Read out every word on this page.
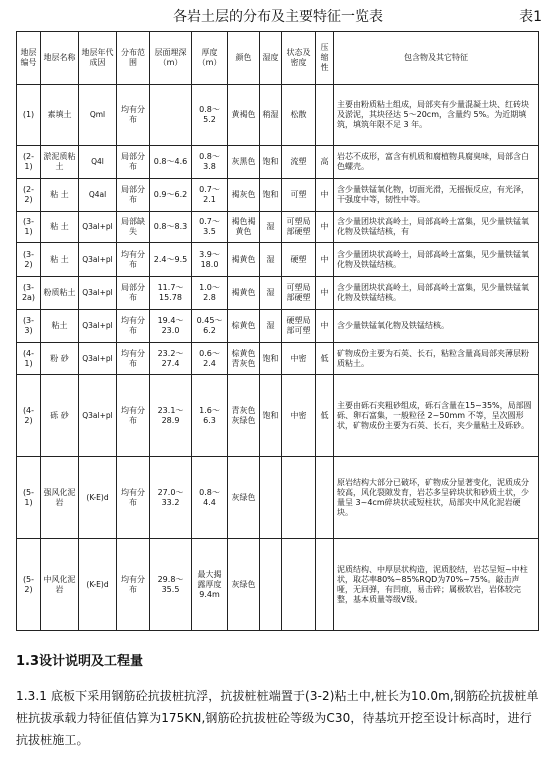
各岩土层的分布及主要特征一览表	表1
地层编号	地层名称	地层年代成因	分布范围	层面埋深（m）	厚度（m）	颜色	湿度	状态及密度	压缩性	包含物及其它特征
(1)	素填土	Qml	均有分布		0.8～5.2	黄褐色	稍湿	松散		主要由粉质粘土组成，局部夹有少量混凝土块、红砖块及淤泥，其块径达 5～20cm，含量约 5%。为近期填筑，填筑年限不足 3 年。
(2-1)	淤泥质粘土	Q4l	局部分布	0.8～4.6	0.8～3.8	灰黑色	饱和	流塑	高	岩芯不成形，富含有机质和腐植物具腐臭味，局部含白色螺壳。
(2-2)	粘 土	Q4al	局部分布	0.9～6.2	0.7～2.1	褐灰色	饱和	可塑	中	含少量铁锰氧化物，切面光滑，无摇振反应，有光泽，干强度中等，韧性中等。
(3-1)	粘 土	Q3al+pl	局部缺失	0.8～8.3	0.7～3.5	褐色褐黄色	湿	可塑局部硬塑	中	含少量团块状高岭土，局部高岭土富集，见少量铁锰氧化物及铁锰结核，有
(3-2)	粘 土	Q3al+pl	均有分布	2.4～9.5	3.9～18.0	褐黄色	湿	硬塑	中	含少量团块状高岭土，局部高岭土富集，见少量铁锰氧化物及铁锰结核。
(3-2a)	粉质粘土	Q3al+pl	局部分布	11.7～15.78	1.0～2.8	褐黄色	湿	可塑局部硬塑	中	含少量团块状高岭土，局部高岭土富集，见少量铁锰氧化物及铁锰结核。
(3-3)	粘土	Q3al+pl	均有分布	19.4～23.0	0.45～6.2	棕黄色	湿	硬塑局部可塑	中	含少量铁锰氧化物及铁锰结核。
(4-1)	粉 砂	Q3al+pl	均有分布	23.2～27.4	0.6～2.4	棕黄色青灰色	饱和	中密	低	矿物成份主要为石英、长石，粘粒含量高局部夹薄层粉质粘土。
(4-2)	砾 砂	Q3al+pl	均有分布	23.1～28.9	1.6～6.3	青灰色灰绿色	饱和	中密	低	主要由砾石夹粗砂组成，砾石含量在15~35%，局部圆砾、卵石富集，一般粒径 2~50mm 不等，呈次圆形状，矿物成份主要为石英、长石，夹少量粘土及砾砂。
(5-1)	强风化泥 岩	(K-E)d	均有分布	27.0～33.2	0.8～4.4	灰绿色				原岩结构大部分已破坏，矿物成分显著变化，泥质成分较高，风化裂隙发育，岩芯多呈碎块状和砂质土状，少量呈 3~4cm碎块状或短柱状，局部夹中风化泥岩硬块。
(5-2)	中风化泥 岩	(K-E)d	均有分布	29.8～35.5	最大揭露厚度9.4m	灰绿色				泥质结构、中厚层状构造，泥质胶结，岩芯呈短~中柱状，取芯率80%~85%RQD为70%~75%。敲击声哑，无回弹，有凹痕，易击碎；属极软岩，岩体较完整，基本质量等级V级。
1.3设计说明及工程量
1.3.1 底板下采用钢筋砼抗拔桩抗浮，抗拔桩桩端置于(3-2)粘土中,桩长为10.0m,钢筋砼抗拔桩单桩抗拔承载力特征值估算为175KN,钢筋砼抗拔桩砼等级为C30，待基坑开挖至设计标高时，进行抗拔桩施工。
